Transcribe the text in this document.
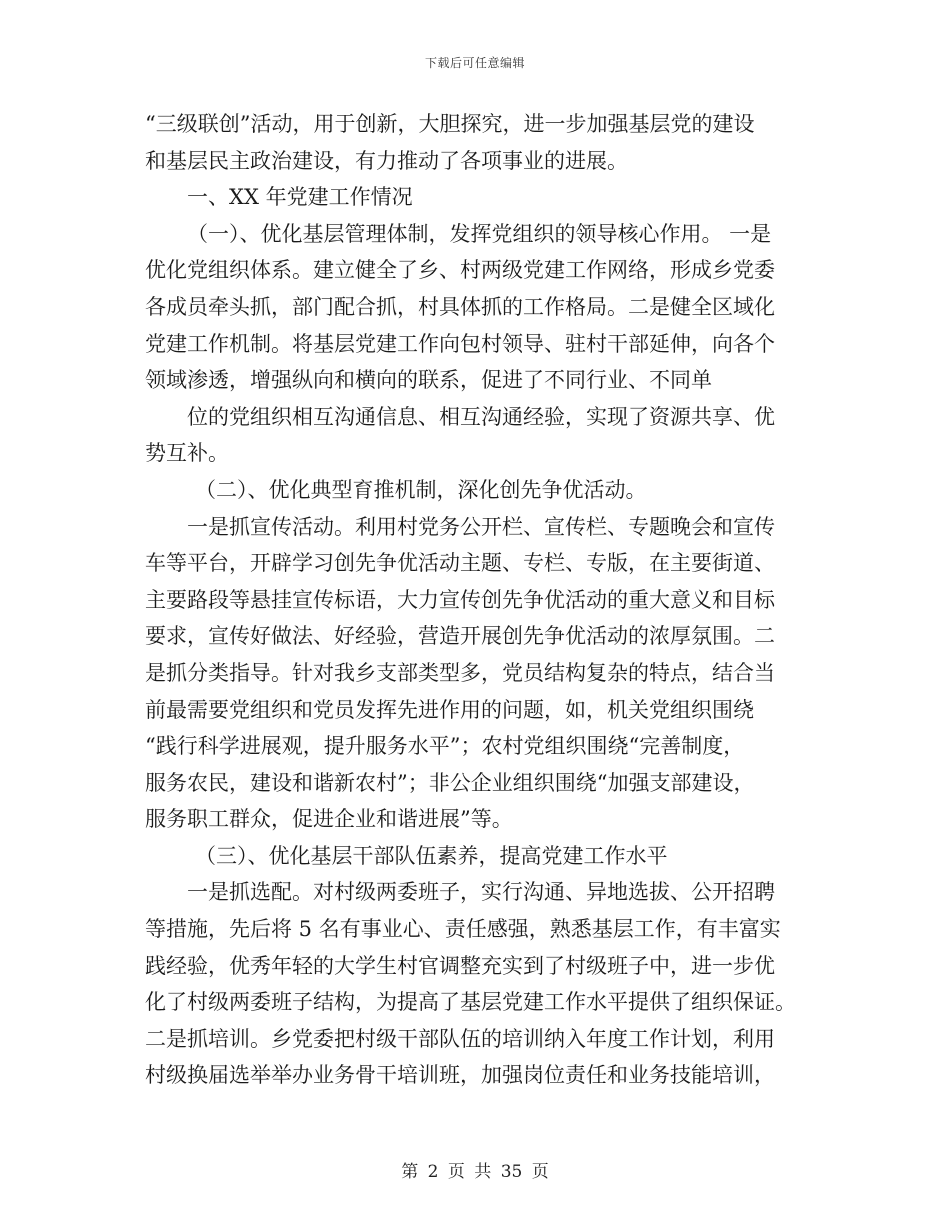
下载后可任意编辑
“三级联创”活动，用于创新，大胆探究，进一步加强基层党的建设
和基层民主政治建设，有力推动了各项事业的进展。
一、XX 年党建工作情况
（一）、优化基层管理体制，发挥党组织的领导核心作用。 一是
优化党组织体系。建立健全了乡、村两级党建工作网络，形成乡党委
各成员牵头抓，部门配合抓，村具体抓的工作格局。二是健全区域化
党建工作机制。将基层党建工作向包村领导、驻村干部延伸，向各个
领域渗透，增强纵向和横向的联系，促进了不同行业、不同单
位的党组织相互沟通信息、相互沟通经验，实现了资源共享、优
势互补。
（二）、优化典型育推机制，深化创先争优活动。
一是抓宣传活动。利用村党务公开栏、宣传栏、专题晚会和宣传
车等平台，开辟学习创先争优活动主题、专栏、专版，在主要街道、
主要路段等悬挂宣传标语，大力宣传创先争优活动的重大意义和目标
要求，宣传好做法、好经验，营造开展创先争优活动的浓厚氛围。二
是抓分类指导。针对我乡支部类型多，党员结构复杂的特点，结合当
前最需要党组织和党员发挥先进作用的问题，如，机关党组织围绕
“践行科学进展观，提升服务水平”；农村党组织围绕“完善制度，
服务农民，建设和谐新农村”；非公企业组织围绕“加强支部建设，
服务职工群众，促进企业和谐进展”等。
（三）、优化基层干部队伍素养，提高党建工作水平
一是抓选配。对村级两委班子，实行沟通、异地选拔、公开招聘
等措施，先后将 5 名有事业心、责任感强，熟悉基层工作，有丰富实
践经验，优秀年轻的大学生村官调整充实到了村级班子中，进一步优
化了村级两委班子结构，为提高了基层党建工作水平提供了组织保证。
二是抓培训。乡党委把村级干部队伍的培训纳入年度工作计划，利用
村级换届选举举办业务骨干培训班，加强岗位责任和业务技能培训，
第 2 页 共 35 页
